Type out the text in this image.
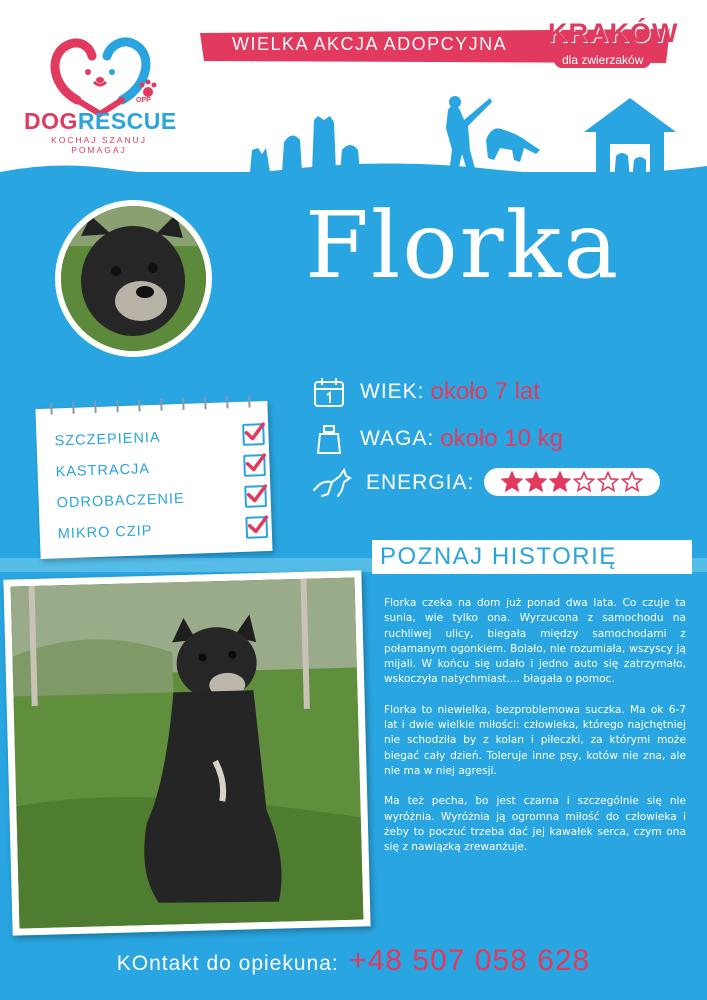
DOGRESCUE
OPP
KOCHAJ SZANUJ POMAGAJ
WIELKA AKCJA ADOPCYJNA	KRAKÓW
dla zwierzaków
Florka
WIEK: około 7 lat
WAGA: około 10 kg
ENERGIA:
SZCZEPIENIA
KASTRACJA
ODROBACZENIE
MIKRO CZIP
POZNAJ HISTORIĘ

Florka czeka na dom już ponad dwa lata. Co czuje ta sunia, wie tylko ona. Wyrzucona z samochodu na ruchliwej ulicy, biegała między samochodami z połamanym ogonkiem. Bolało, nie rozumiała, wszyscy ją mijali. W końcu się udało i jedno auto się zatrzymało, wskoczyła natychmiast.... błagała o pomoc.

Florka to niewielka, bezproblemowa suczka. Ma ok 6-7 lat i dwie wielkie miłości: człowieka, którego najchętniej nie schodziła by z kolan i piłeczki, za którymi może biegać cały dzień. Toleruje inne psy, kotów nie zna, ale nie ma w niej agresji.

Ma też pecha, bo jest czarna i szczególnie się nie wyróżnia. Wyróżnia ją ogromna miłość do człowieka i żeby to poczuć trzeba dać jej kawałek serca, czym ona się z nawiązką zrewanżuje.

KOntakt do opiekuna: +48 507 058 628
